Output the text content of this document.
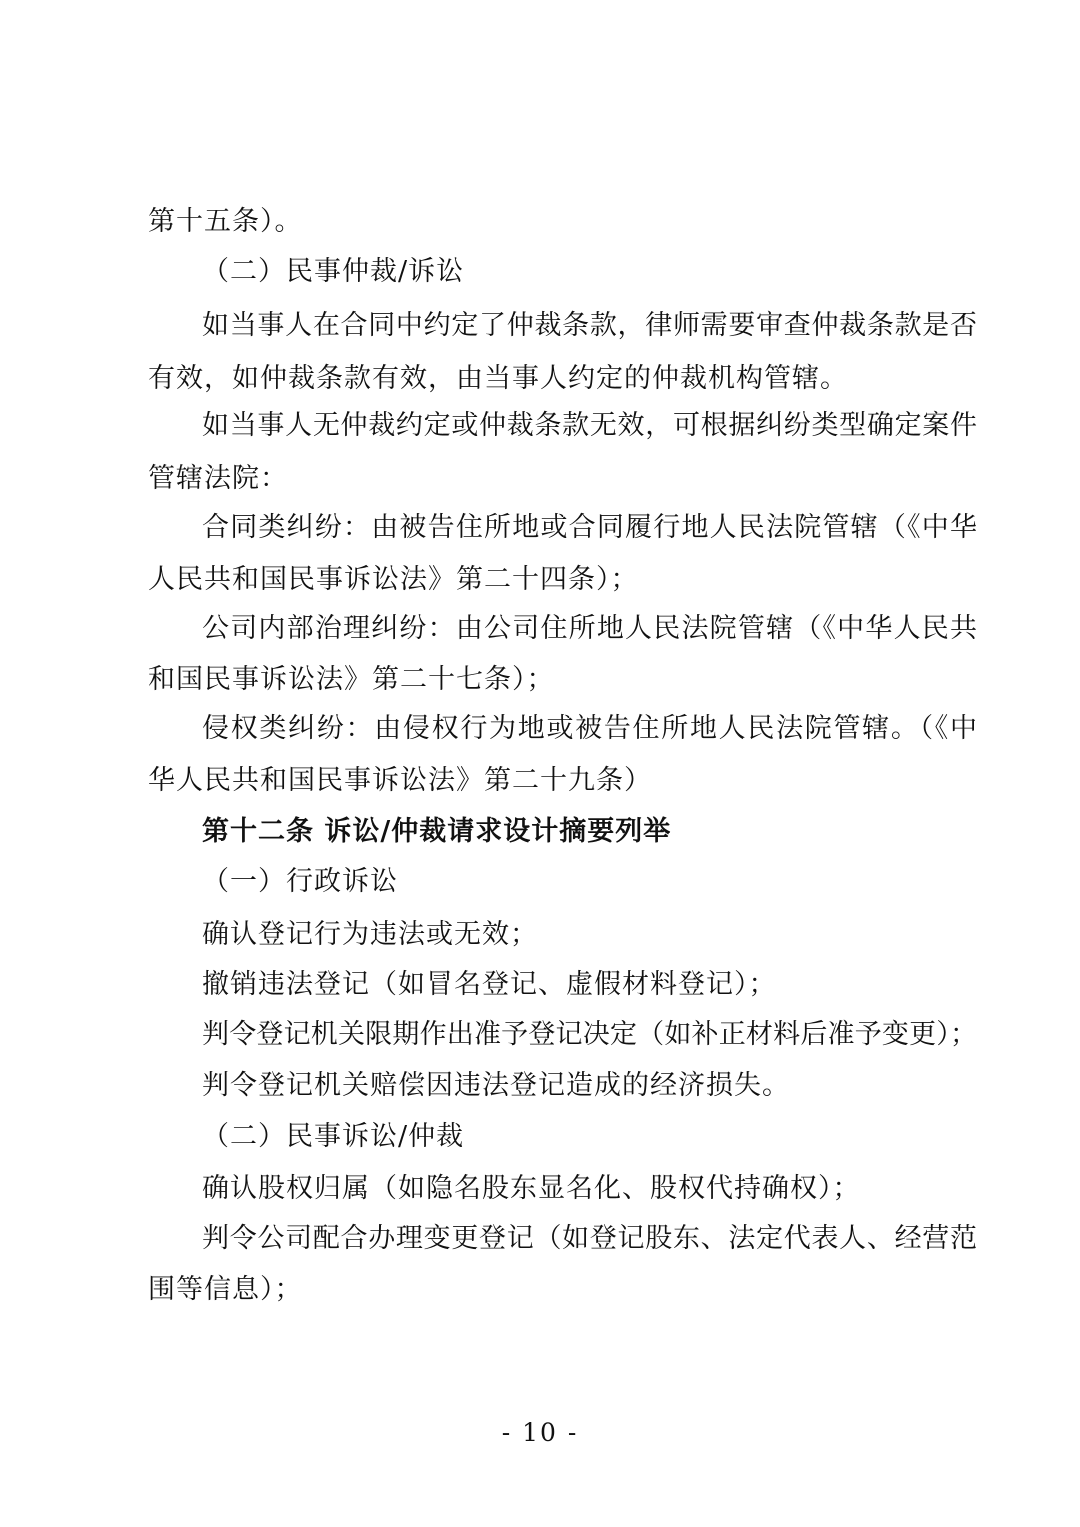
第十五条）。
（二）民事仲裁/诉讼
如当事人在合同中约定了仲裁条款，律师需要审查仲裁条款是否
有效，如仲裁条款有效，由当事人约定的仲裁机构管辖。
如当事人无仲裁约定或仲裁条款无效，可根据纠纷类型确定案件
管辖法院：
合同类纠纷：由被告住所地或合同履行地人民法院管辖（《中华
人民共和国民事诉讼法》第二十四条）；
公司内部治理纠纷：由公司住所地人民法院管辖（《中华人民共
和国民事诉讼法》第二十七条）；
侵权类纠纷：由侵权行为地或被告住所地人民法院管辖。（《中
华人民共和国民事诉讼法》第二十九条）
第十二条 诉讼/仲裁请求设计摘要列举
（一）行政诉讼
确认登记行为违法或无效；
撤销违法登记（如冒名登记、虚假材料登记）；
判令登记机关限期作出准予登记决定（如补正材料后准予变更）；
判令登记机关赔偿因违法登记造成的经济损失。
（二）民事诉讼/仲裁
确认股权归属（如隐名股东显名化、股权代持确权）；
判令公司配合办理变更登记（如登记股东、法定代表人、经营范
围等信息）；
- 10 -
